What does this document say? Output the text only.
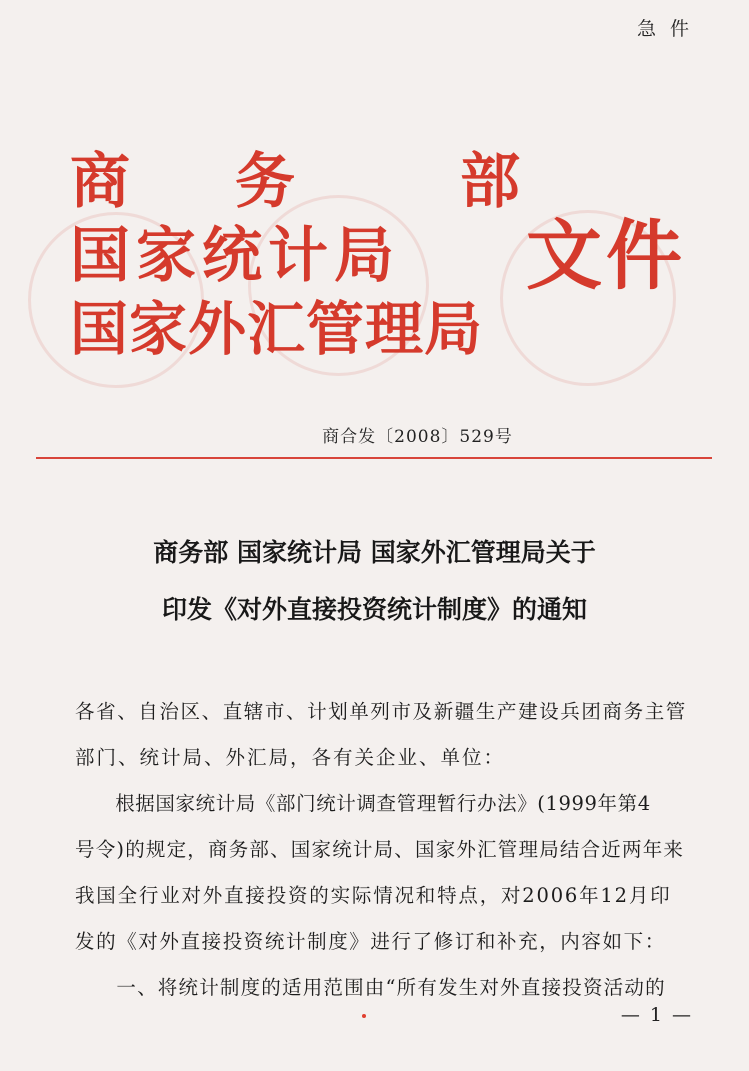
急件
商 务	部
国 家 统 计 局 文件
国家外汇管理局
商合发〔2008〕529号
商务部 国家统计局 国家外汇管理局关于
印发《对外直接投资统计制度》的通知
各省、自治区、直辖市、计划单列市及新疆生产建设兵团商务主管
部门、统计局、外汇局，各有关企业、单位：
　　根据国家统计局《部门统计调查管理暂行办法》(1999年第4
号令)的规定，商务部、国家统计局、国家外汇管理局结合近两年来
我国全行业对外直接投资的实际情况和特点，对2006年12月印
发的《对外直接投资统计制度》进行了修订和补充，内容如下：
　　一、将统计制度的适用范围由“所有发生对外直接投资活动的
— 1 —
